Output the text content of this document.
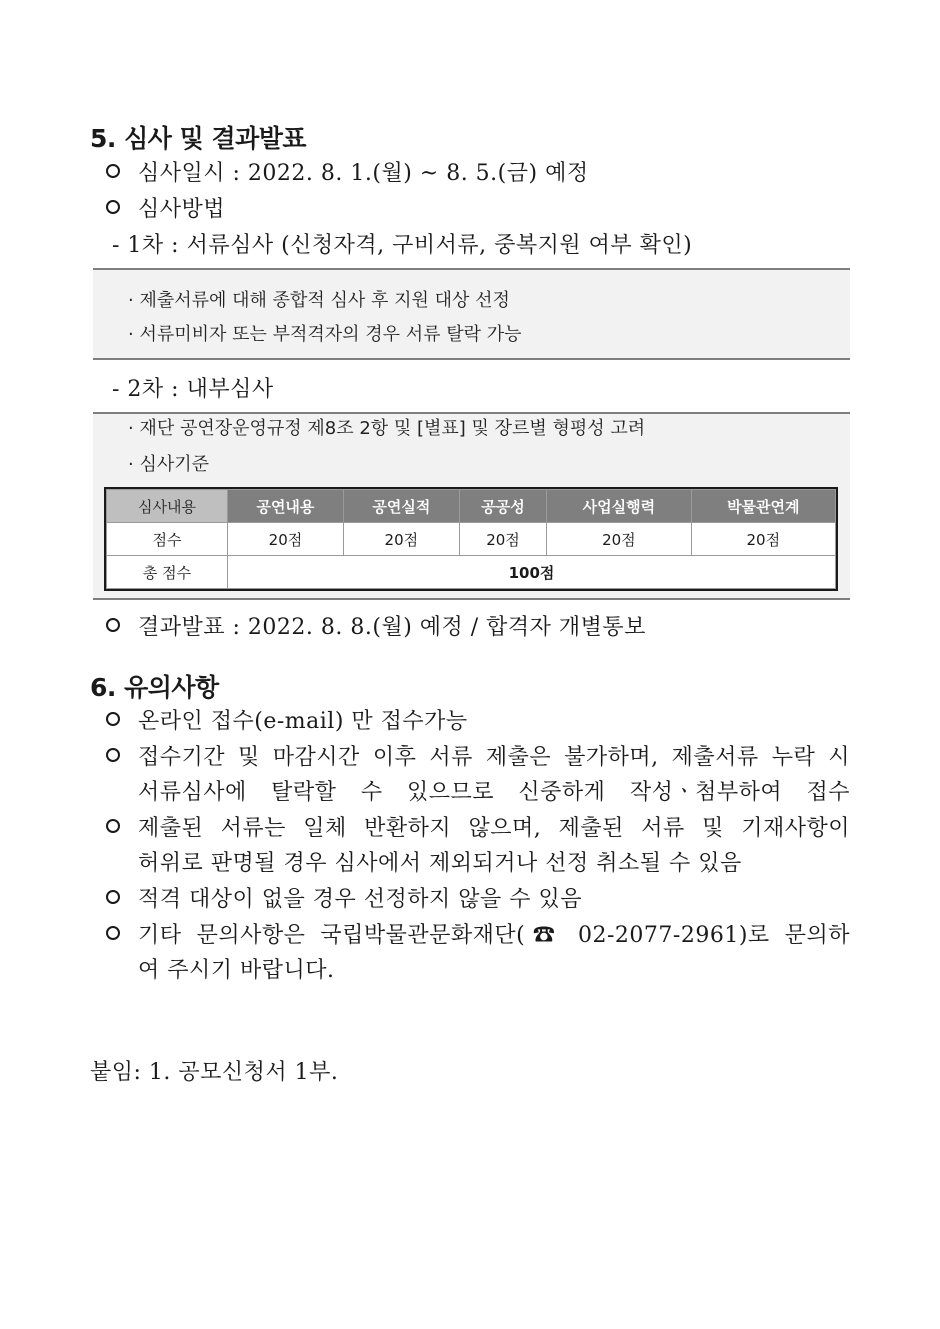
5. 심사 및 결과발표
심사일시 : 2022. 8. 1.(월) ~ 8. 5.(금) 예정
심사방법
- 1차 : 서류심사 (신청자격, 구비서류, 중복지원 여부 확인)
· 제출서류에 대해 종합적 심사 후 지원 대상 선정
· 서류미비자 또는 부적격자의 경우 서류 탈락 가능
- 2차 : 내부심사
· 재단 공연장운영규정 제8조 2항 및 [별표] 및 장르별 형평성 고려
· 심사기준
심사내용	공연내용	공연실적	공공성	사업실행력	박물관연계
점수	20점	20점	20점	20점	20점
총 점수	100점				
결과발표 : 2022. 8. 8.(월) 예정 / 합격자 개별통보
6. 유의사항
온라인 접수(e-mail) 만 접수가능
접수기간 및 마감시간 이후 서류 제출은 불가하며, 제출서류 누락 시
서류심사에 탈락할 수 있으므로 신중하게 작성ㆍ첨부하여 접수
제출된 서류는 일체 반환하지 않으며, 제출된 서류 및 기재사항이
허위로 판명될 경우 심사에서 제외되거나 선정 취소될 수 있음
적격 대상이 없을 경우 선정하지 않을 수 있음
기타 문의사항은 국립박물관문화재단(☎ 02-2077-2961)로 문의하
여 주시기 바랍니다.
붙임: 1. 공모신청서 1부.
